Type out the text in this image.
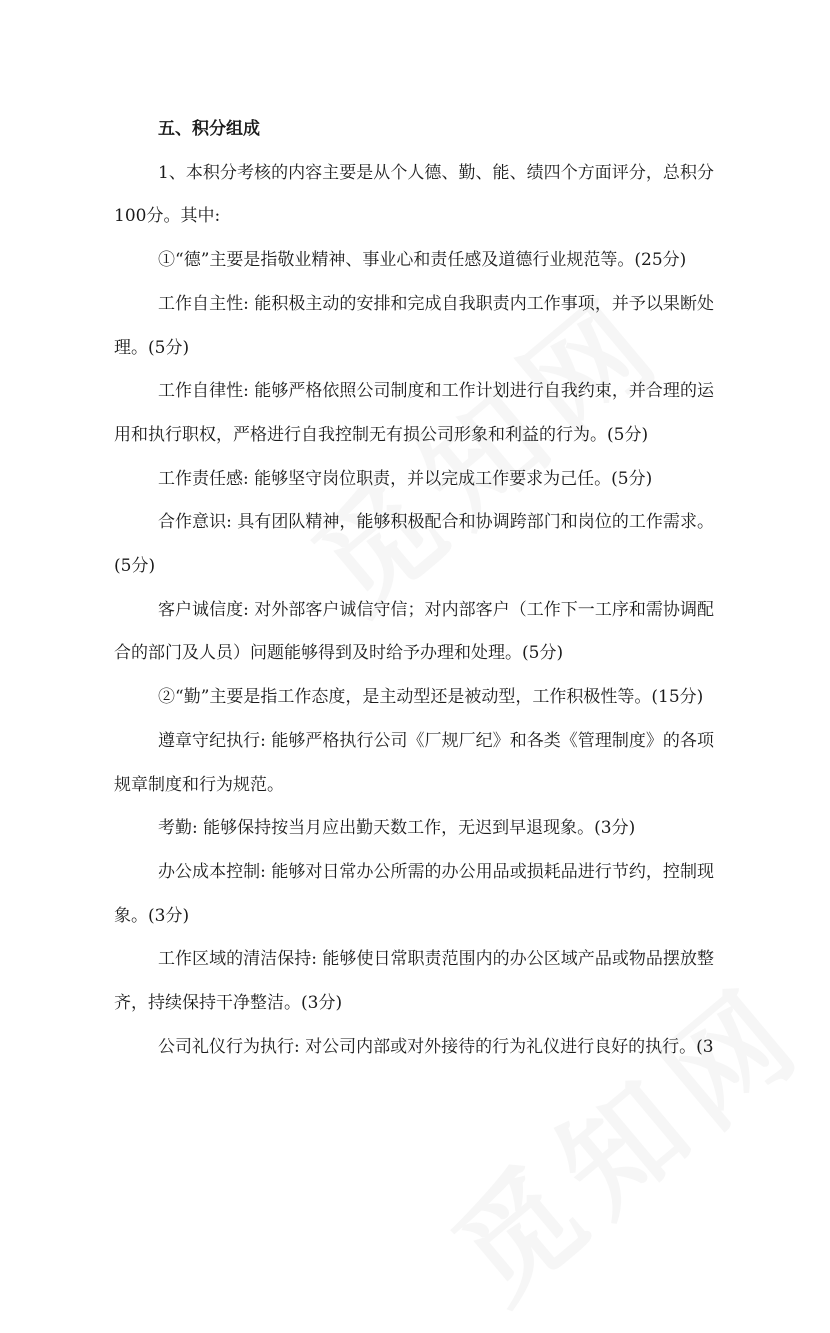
五、积分组成

1、本积分考核的内容主要是从个人德、勤、能、绩四个方面评分，总积分100分。其中:

①“德”主要是指敬业精神、事业心和责任感及道德行业规范等。(25分)

工作自主性: 能积极主动的安排和完成自我职责内工作事项，并予以果断处理。(5分)

工作自律性: 能够严格依照公司制度和工作计划进行自我约束，并合理的运用和执行职权，严格进行自我控制无有损公司形象和利益的行为。(5分)

工作责任感: 能够坚守岗位职责，并以完成工作要求为己任。(5分)

合作意识: 具有团队精神，能够积极配合和协调跨部门和岗位的工作需求。(5分)

客户诚信度: 对外部客户诚信守信；对内部客户（工作下一工序和需协调配合的部门及人员）问题能够得到及时给予办理和处理。(5分)

②“勤”主要是指工作态度，是主动型还是被动型，工作积极性等。(15分)

遵章守纪执行: 能够严格执行公司《厂规厂纪》和各类《管理制度》的各项规章制度和行为规范。

考勤: 能够保持按当月应出勤天数工作，无迟到早退现象。(3分)

办公成本控制: 能够对日常办公所需的办公用品或损耗品进行节约，控制现象。(3分)

工作区域的清洁保持: 能够使日常职责范围内的办公区域产品或物品摆放整齐，持续保持干净整洁。(3分)

公司礼仪行为执行: 对公司内部或对外接待的行为礼仪进行良好的执行。(3
